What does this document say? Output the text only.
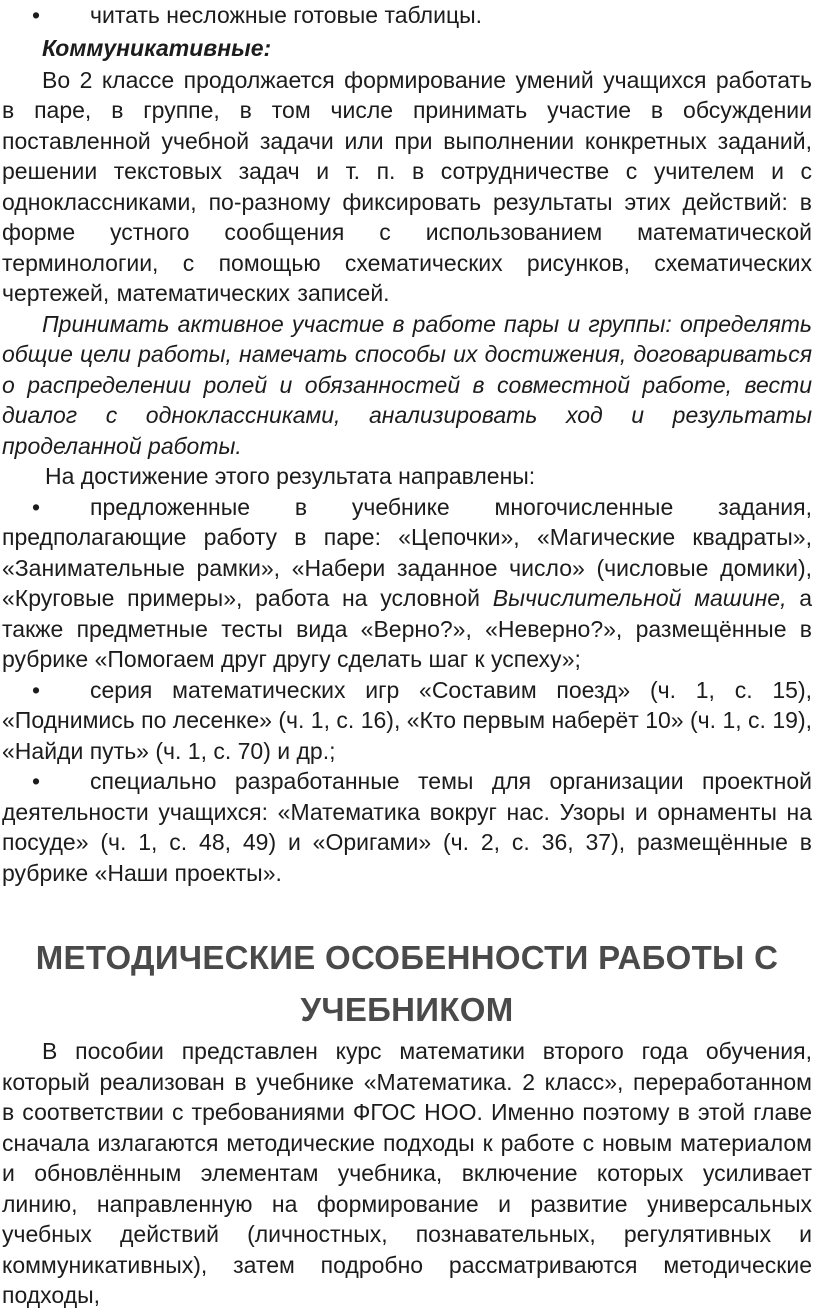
• читать несложные готовые таблицы.

Коммуникативные:

Во 2 классе продолжается формирование умений учащихся работать в паре, в группе, в том числе принимать участие в обсуждении поставленной учебной задачи или при выполнении конкретных заданий, решении текстовых задач и т. п. в сотрудничестве с учителем и с одноклассниками, по-разному фиксировать результаты этих действий: в форме устного сообщения с использованием математической терминологии, с помощью схематических рисунков, схематических чертежей, математических записей.

Принимать активное участие в работе пары и группы: определять общие цели работы, намечать способы их достижения, договариваться о распределении ролей и обязанностей в совместной работе, вести диалог с одноклассниками, анализировать ход и результаты проделанной работы.

На достижение этого результата направлены:

• предложенные в учебнике многочисленные задания, предполагающие работу в паре: «Цепочки», «Магические квадраты», «Занимательные рамки», «Набери заданное число» (числовые домики), «Круговые примеры», работа на условной Вычислительной машине, а также предметные тесты вида «Верно?», «Неверно?», размещённые в рубрике «Помогаем друг другу сделать шаг к успеху»;

• серия математических игр «Составим поезд» (ч. 1, с. 15), «Поднимись по лесенке» (ч. 1, с. 16), «Кто первым наберёт 10» (ч. 1, с. 19), «Найди путь» (ч. 1, с. 70) и др.;

• специально разработанные темы для организации проектной деятельности учащихся: «Математика вокруг нас. Узоры и орнаменты на посуде» (ч. 1, с. 48, 49) и «Оригами» (ч. 2, с. 36, 37), размещённые в рубрике «Наши проекты».

МЕТОДИЧЕСКИЕ ОСОБЕННОСТИ РАБОТЫ С УЧЕБНИКОМ

В пособии представлен курс математики второго года обучения, который реализован в учебнике «Математика. 2 класс», переработанном в соответствии с требованиями ФГОС НОО. Именно поэтому в этой главе сначала излагаются методические подходы к работе с новым материалом и обновлённым элементам учебника, включение которых усиливает линию, направленную на формирование и развитие универсальных учебных действий (личностных, познавательных, регулятивных и коммуникативных), затем подробно рассматриваются методические подходы,
